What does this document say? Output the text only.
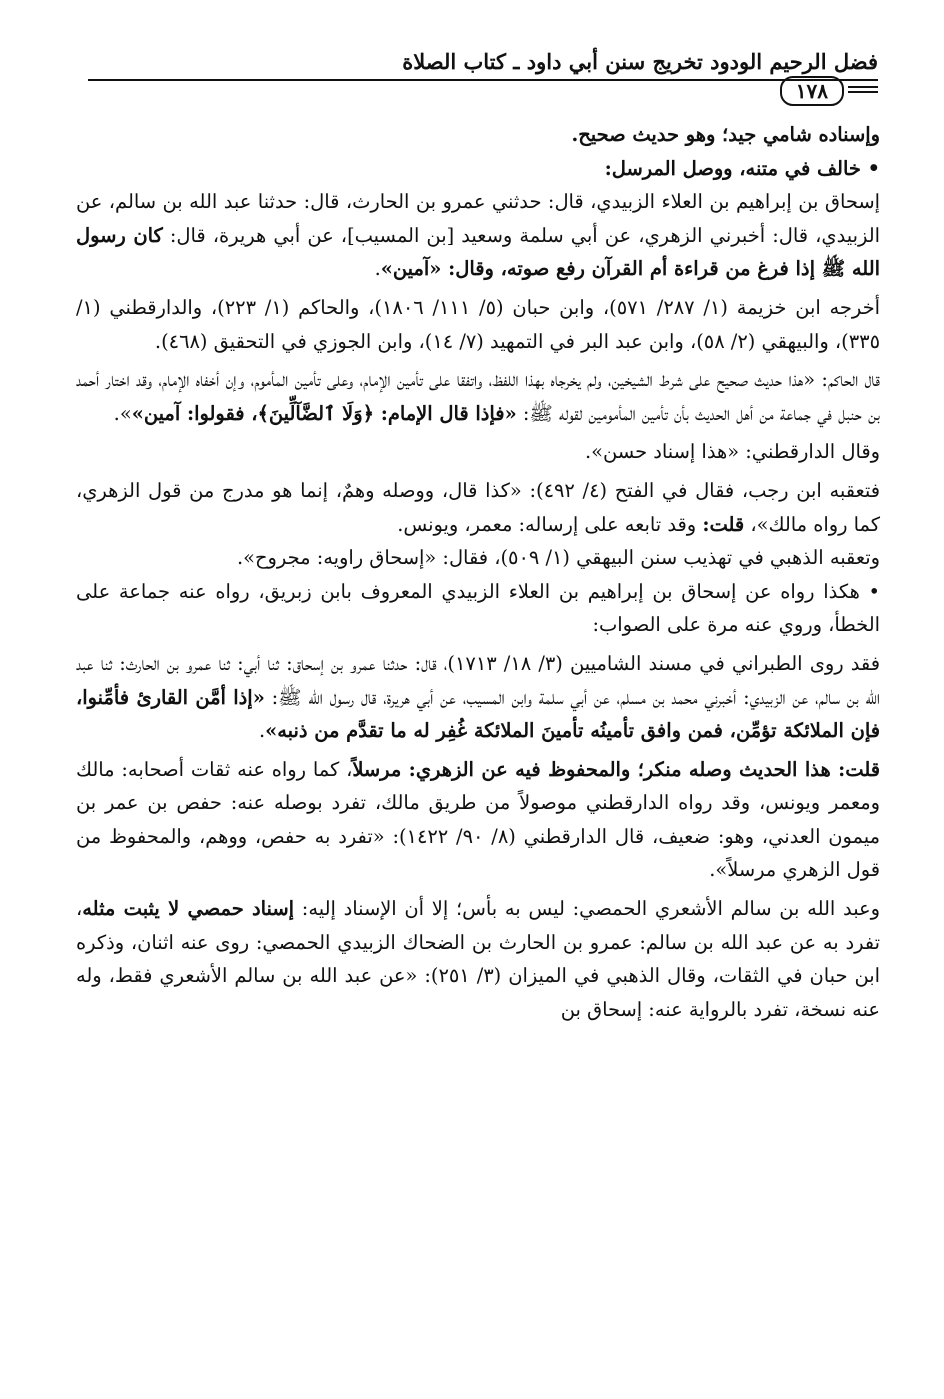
فضل الرحيم الودود تخريج سنن أبي داود ـ كتاب الصلاة
١٧٨

وإسناده شامي جيد؛ وهو حديث صحيح.

• خالف في متنه، ووصل المرسل:

إسحاق بن إبراهيم بن العلاء الزبيدي، قال: حدثني عمرو بن الحارث، قال: حدثنا عبد الله بن سالم، عن الزبيدي، قال: أخبرني الزهري، عن أبي سلمة وسعيد [بن المسيب]، عن أبي هريرة، قال: كان رسول الله ﷺ إذا فرغ من قراءة أم القرآن رفع صوته، وقال: «آمين».

أخرجه ابن خزيمة (١/ ٢٨٧/ ٥٧١)، وابن حبان (٥/ ١١١/ ١٨٠٦)، والحاكم (١/ ٢٢٣)، والدارقطني (١/ ٣٣٥)، والبيهقي (٢/ ٥٨)، وابن عبد البر في التمهيد (٧/ ١٤)، وابن الجوزي في التحقيق (٤٦٨).

قال الحاكم: «هذا حديث صحيح على شرط الشيخين، ولم يخرجاه بهذا اللفظ، واتفقا على تأمين الإمام، وعلى تأمين المأموم، وإن أخفاه الإمام، وقد اختار أحمد بن حنبل في جماعة من أهل الحديث بأن تأمين المأمومين لقوله ﷺ: «فإذا قال الإمام: ﴿وَلَا ٱلضَّآلِّينَ﴾، فقولوا: آمين»».

وقال الدارقطني: «هذا إسناد حسن».

فتعقبه ابن رجب، فقال في الفتح (٤/ ٤٩٢): «كذا قال، ووصله وهمٌ، إنما هو مدرج من قول الزهري، كما رواه مالك»، قلت: وقد تابعه على إرساله: معمر، ويونس.

وتعقبه الذهبي في تهذيب سنن البيهقي (١/ ٥٠٩)، فقال: «إسحاق راويه: مجروح».

• هكذا رواه عن إسحاق بن إبراهيم بن العلاء الزبيدي المعروف بابن زبريق، رواه عنه جماعة على الخطأ، وروي عنه مرة على الصواب:

فقد روى الطبراني في مسند الشاميين (٣/ ١٨/ ١٧١٣)، قال: حدثنا عمرو بن إسحاق: ثنا أبي: ثنا عمرو بن الحارث: ثنا عبد الله بن سالم، عن الزبيدي: أخبرني محمد بن مسلم، عن أبي سلمة وابن المسيب، عن أبي هريرة، قال رسول الله ﷺ: «إذا أمَّن القارئ فأمِّنوا، فإن الملائكة تؤمِّن، فمن وافق تأمينُه تأمينَ الملائكة غُفِر له ما تقدَّم من ذنبه».

قلت: هذا الحديث وصله منكر؛ والمحفوظ فيه عن الزهري: مرسلاً، كما رواه عنه ثقات أصحابه: مالك ومعمر ويونس، وقد رواه الدارقطني موصولاً من طريق مالك، تفرد بوصله عنه: حفص بن عمر بن ميمون العدني، وهو: ضعيف، قال الدارقطني (٨/ ٩٠/ ١٤٢٢): «تفرد به حفص، ووهم، والمحفوظ من قول الزهري مرسلاً».

وعبد الله بن سالم الأشعري الحمصي: ليس به بأس؛ إلا أن الإسناد إليه: إسناد حمصي لا يثبت مثله، تفرد به عن عبد الله بن سالم: عمرو بن الحارث بن الضحاك الزبيدي الحمصي: روى عنه اثنان، وذكره ابن حبان في الثقات، وقال الذهبي في الميزان (٣/ ٢٥١): «عن عبد الله بن سالم الأشعري فقط، وله عنه نسخة، تفرد بالرواية عنه: إسحاق بن
